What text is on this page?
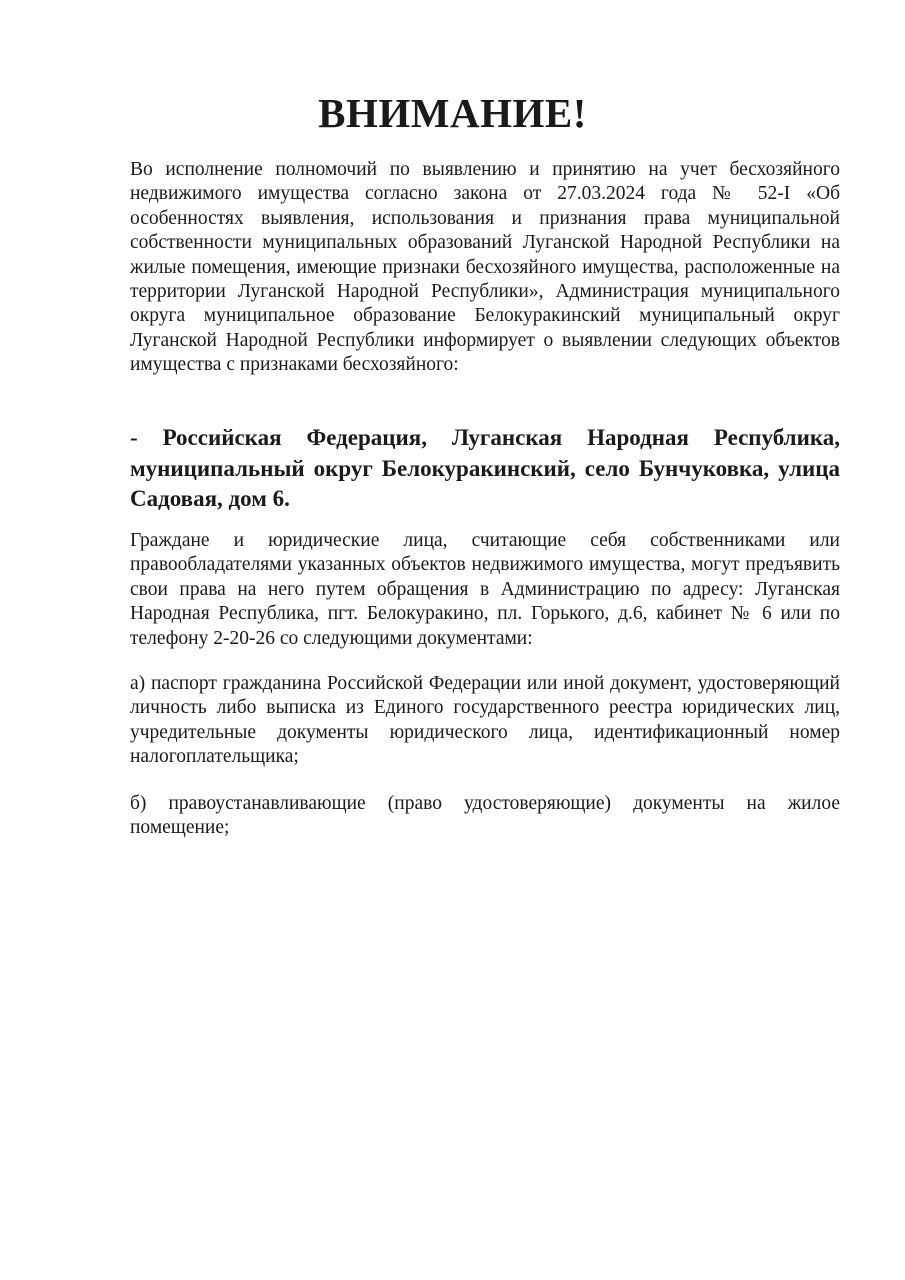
ВНИМАНИЕ!

Во исполнение полномочий по выявлению и принятию на учет бесхозяйного недвижимого имущества согласно закона от 27.03.2024 года № 52-I «Об особенностях выявления, использования и признания права муниципальной собственности муниципальных образований Луганской Народной Республики на жилые помещения, имеющие признаки бесхозяйного имущества, расположенные на территории Луганской Народной Республики», Администрация муниципального округа муниципальное образование Белокуракинский муниципальный округ Луганской Народной Республики информирует о выявлении следующих объектов имущества с признаками бесхозяйного:

- Российская Федерация, Луганская Народная Республика, муниципальный округ Белокуракинский, село Бунчуковка, улица Садовая, дом 6.

Граждане и юридические лица, считающие себя собственниками или правообладателями указанных объектов недвижимого имущества, могут предъявить свои права на него путем обращения в Администрацию по адресу: Луганская Народная Республика, пгт. Белокуракино, пл. Горького, д.6, кабинет № 6 или по телефону 2-20-26 со следующими документами:

а) паспорт гражданина Российской Федерации или иной документ, удостоверяющий личность либо выписка из Единого государственного реестра юридических лиц, учредительные документы юридического лица, идентификационный номер налогоплательщика;

б) правоустанавливающие (право удостоверяющие) документы на жилое помещение;
